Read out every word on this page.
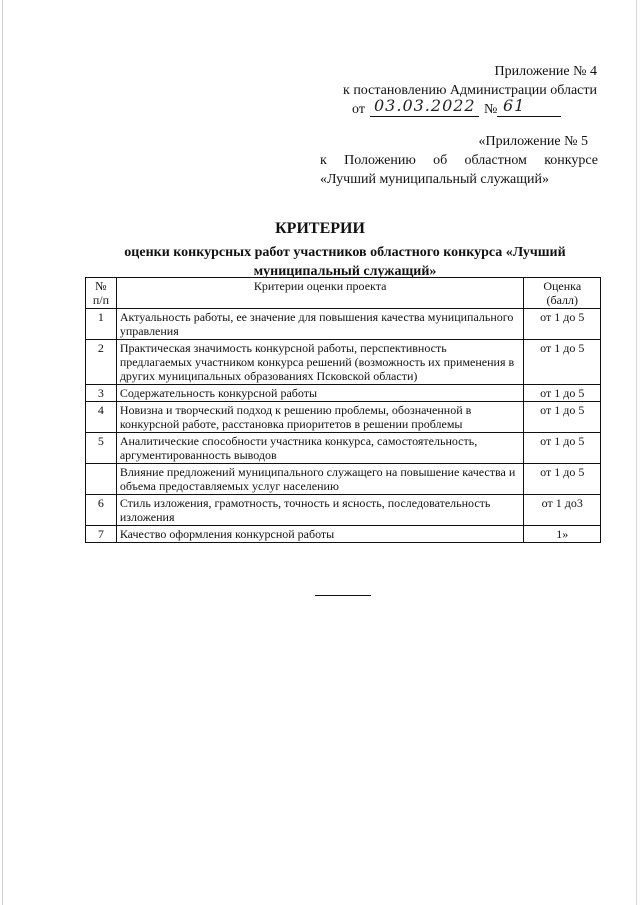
Приложение № 4
к постановлению Администрации области
от 03.03.2022 № 61
«Приложение № 5
к Положению об областном конкурсе
«Лучший муниципальный служащий»
КРИТЕРИИ
оценки конкурсных работ участников областного конкурса «Лучший муниципальный служащий»
№ п/п	Критерии оценки проекта	Оценка (балл)
1	Актуальность работы, ее значение для повышения качества муниципального управления	от 1 до 5
2	Практическая значимость конкурсной работы, перспективность предлагаемых участником конкурса решений (возможность их применения в других муниципальных образованиях Псковской области)	от 1 до 5
3	Содержательность конкурсной работы	от 1 до 5
4	Новизна и творческий подход к решению проблемы, обозначенной в конкурсной работе, расстановка приоритетов в решении проблемы	от 1 до 5
5	Аналитические способности участника конкурса, самостоятельность, аргументированность выводов	от 1 до 5
	Влияние предложений муниципального служащего на повышение качества и объема предоставляемых услуг населению	от 1 до 5
6	Стиль изложения, грамотность, точность и ясность, последовательность изложения	от 1 до3
7	Качество оформления конкурсной работы	1»
